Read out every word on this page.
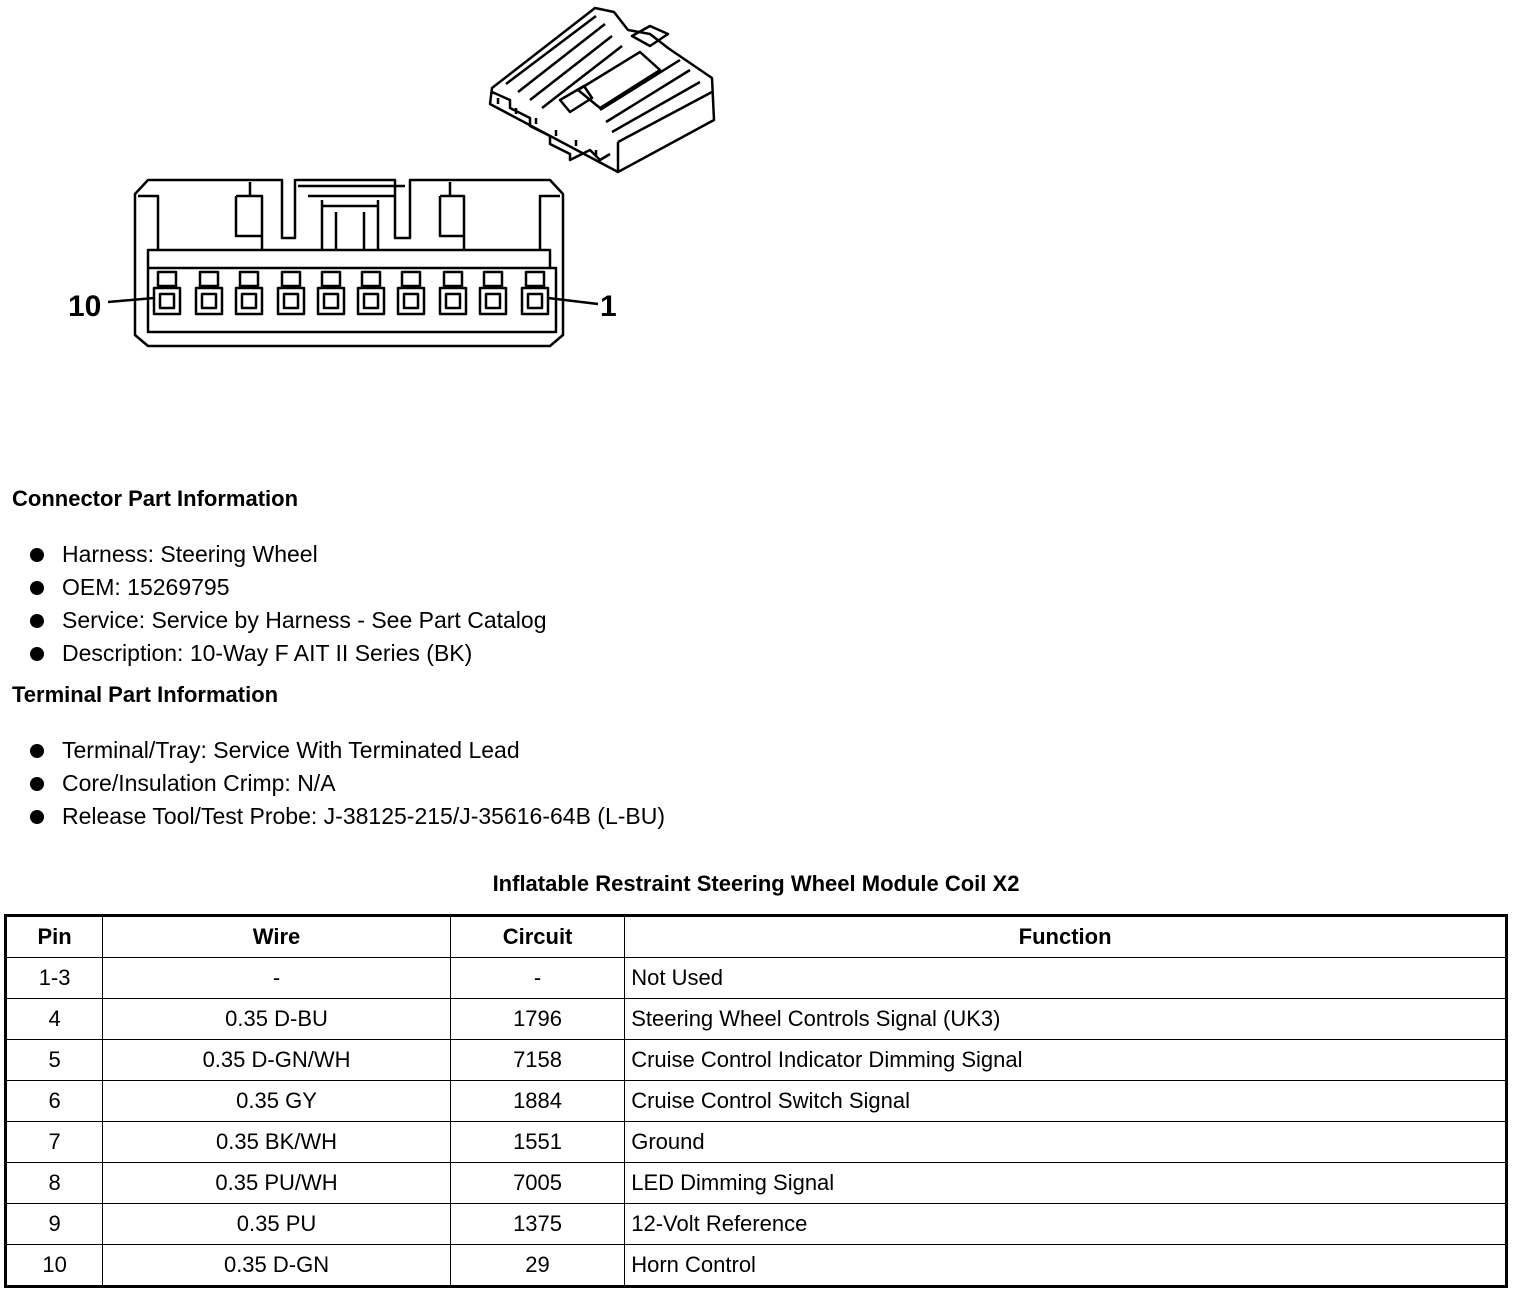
10	1
Connector Part Information
Harness: Steering Wheel
OEM: 15269795
Service: Service by Harness - See Part Catalog
Description: 10-Way F AIT II Series (BK)
Terminal Part Information
Terminal/Tray: Service With Terminated Lead
Core/Insulation Crimp: N/A
Release Tool/Test Probe: J-38125-215/J-35616-64B (L-BU)
Inflatable Restraint Steering Wheel Module Coil X2
Pin	Wire	Circuit	Function
1-3	-	-	Not Used
4	0.35 D-BU	1796	Steering Wheel Controls Signal (UK3)
5	0.35 D-GN/WH	7158	Cruise Control Indicator Dimming Signal
6	0.35 GY	1884	Cruise Control Switch Signal
7	0.35 BK/WH	1551	Ground
8	0.35 PU/WH	7005	LED Dimming Signal
9	0.35 PU	1375	12-Volt Reference
10	0.35 D-GN	29	Horn Control
